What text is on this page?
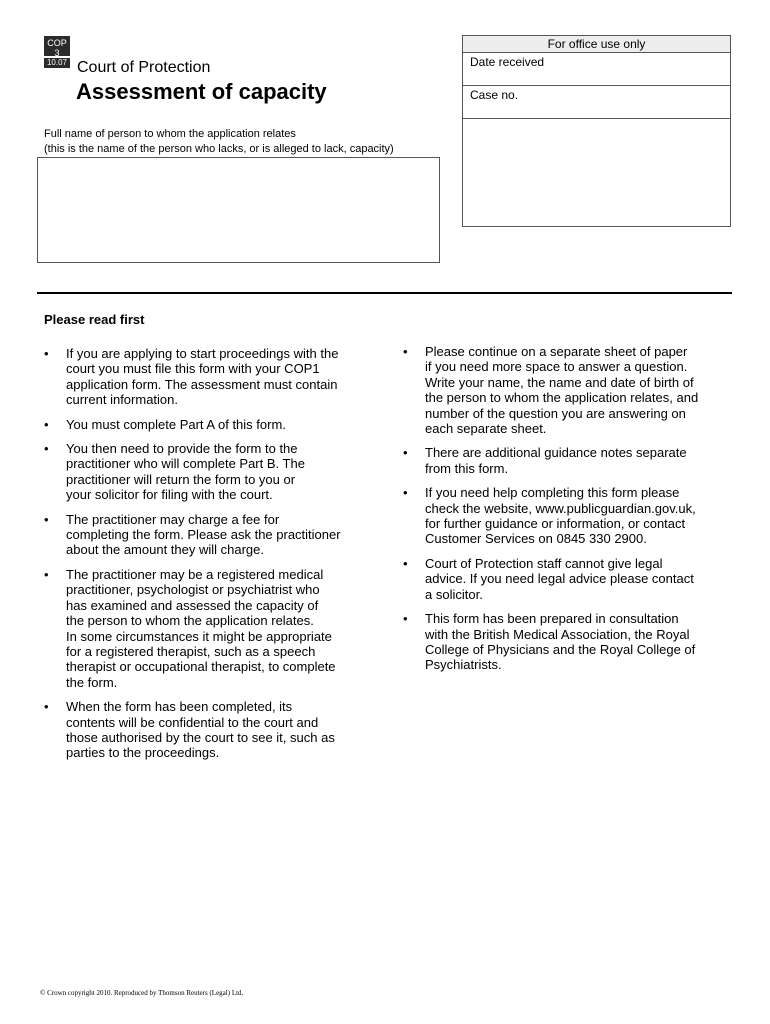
COP
3
10.07 Court of Protection
Assessment of capacity
For office use only
Date received
Case no.
Full name of person to whom the application relates
(this is the name of the person who lacks, or is alleged to lack, capacity)
Please read first
• If you are applying to start proceedings with the
court you must file this form with your COP1
application form. The assessment must contain
current information.
• You must complete Part A of this form.
• You then need to provide the form to the
practitioner who will complete Part B. The
practitioner will return the form to you or
your solicitor for filing with the court.
• The practitioner may charge a fee for
completing the form. Please ask the practitioner
about the amount they will charge.
• The practitioner may be a registered medical
practitioner, psychologist or psychiatrist who
has examined and assessed the capacity of
the person to whom the application relates.
In some circumstances it might be appropriate
for a registered therapist, such as a speech
therapist or occupational therapist, to complete
the form.
• When the form has been completed, its
contents will be confidential to the court and
those authorised by the court to see it, such as
parties to the proceedings.
• Please continue on a separate sheet of paper
if you need more space to answer a question.
Write your name, the name and date of birth of
the person to whom the application relates, and
number of the question you are answering on
each separate sheet.
• There are additional guidance notes separate
from this form.
• If you need help completing this form please
check the website, www.publicguardian.gov.uk,
for further guidance or information, or contact
Customer Services on 0845 330 2900.
• Court of Protection staff cannot give legal
advice. If you need legal advice please contact
a solicitor.
• This form has been prepared in consultation
with the British Medical Association, the Royal
College of Physicians and the Royal College of
Psychiatrists.
© Crown copyright 2010. Reproduced by Thomson Reuters (Legal) Ltd.
